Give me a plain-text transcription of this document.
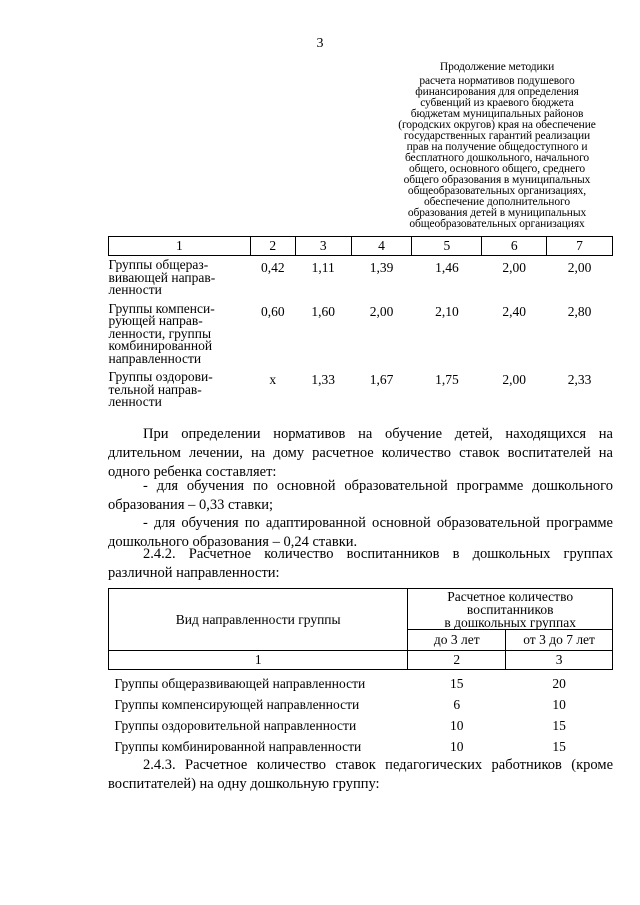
3
Продолжение методики
расчета нормативов подушевого
финансирования для определения
субвенций из краевого бюджета
бюджетам муниципальных районов
(городских округов) края на обеспечение
государственных гарантий реализации
прав на получение общедоступного и
бесплатного дошкольного, начального
общего, основного общего, среднего
общего образования в муниципальных
общеобразовательных организациях,
обеспечение дополнительного
образования детей в муниципальных
общеобразовательных организациях
1	2	3	4	5	6	7

Группы общераз-
вивающей направ-
ленности	0,42	1,11	1,39	1,46	2,00	2,00

Группы компенси-
рующей направ-
ленности, группы
комбинированной
направленности	0,60	1,60	2,00	2,10	2,40	2,80

Группы оздорови-
тельной направ-
ленности	х	1,33	1,67	1,75	2,00	2,33

При определении нормативов на обучение детей, находящихся на длительном лечении, на дому расчетное количество ставок воспитателей на одного ребенка составляет:

- для обучения по основной образовательной программе дошкольного образования – 0,33 ставки;

- для обучения по адаптированной основной образовательной программе дошкольного образования – 0,24 ставки.

2.4.2. Расчетное количество воспитанников в дошкольных группах различной направленности:

Вид направленности группы	Расчетное количество
воспитанников
в дошкольных группах	

	до 3 лет	от 3 до 7 лет
1	2	3
Группы общеразвивающей направленности	15	20
Группы компенсирующей направленности	6	10
Группы оздоровительной направленности	10	15
Группы комбинированной направленности	10	15

2.4.3. Расчетное количество ставок педагогических работников (кроме воспитателей) на одну дошкольную группу:
